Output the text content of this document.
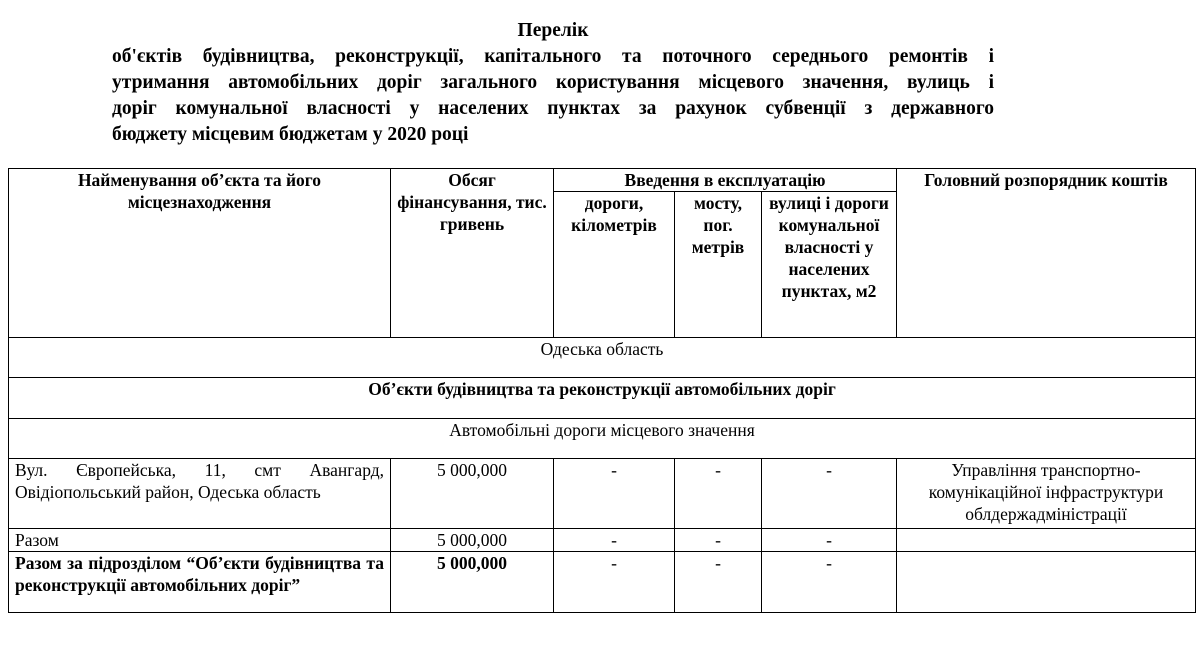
Перелік
об'єктів будівництва, реконструкції, капітального та поточного середнього ремонтів і
утримання автомобільних доріг загального користування місцевого значення, вулиць і
доріг комунальної власності у населених пунктах за рахунок субвенції з державного
бюджету місцевим бюджетам у 2020 році
Найменування об’єкта та його місцезнаходження	Обсяг фінансування, тис. гривень	Введення в експлуатацію			Головний розпорядник коштів
		дороги, кілометрів	мосту, пог. метрів	вулиці і дороги комунальної власності у населених пунктах, м2	
Одеська область					
Об’єкти будівництва та реконструкції автомобільних доріг					
Автомобільні дороги місцевого значення					
Вул. Європейська, 11, смт Авангард, Овідіопольський район, Одеська область	5 000,000	-	-	-	Управління транспортно-комунікаційної інфраструктури облдержадміністрації
Разом	5 000,000	-	-	-	
Разом за підрозділом “Об’єкти будівництва та реконструкції автомобільних доріг”	5 000,000	-	-	-	
